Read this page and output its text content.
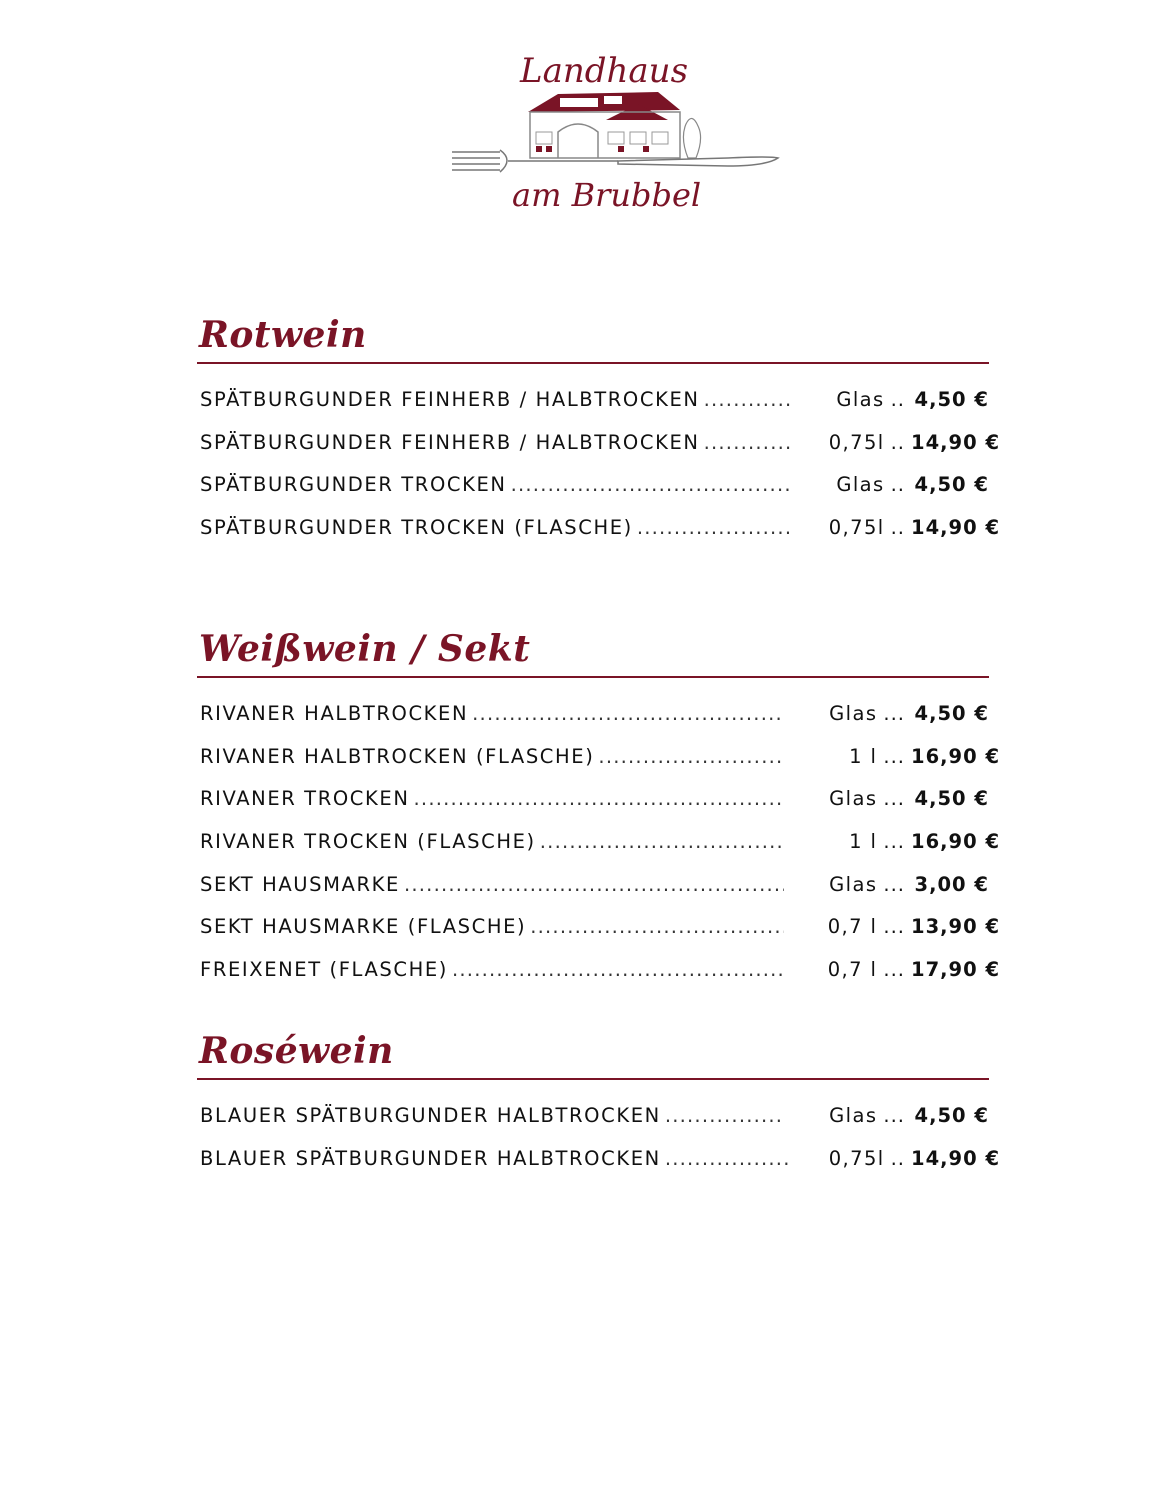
Landhaus
am Brubbel
Rotwein
SPÄTBURGUNDER FEINHERB / HALBTROCKEN .....	Glas .. 4,50 €
SPÄTBURGUNDER FEINHERB / HALBTROCKEN .....	0,75l .. 14,90 €
SPÄTBURGUNDER TROCKEN .....	Glas .. 4,50 €
SPÄTBURGUNDER TROCKEN (FLASCHE) .....	0,75l .. 14,90 €
Weißwein / Sekt
RIVANER HALBTROCKEN .....	Glas ... 4,50 €
RIVANER HALBTROCKEN (FLASCHE) .....	1 l ... 16,90 €
RIVANER TROCKEN .....	Glas ... 4,50 €
RIVANER TROCKEN (FLASCHE) .....	1 l ... 16,90 €
SEKT HAUSMARKE .....	Glas ... 3,00 €
SEKT HAUSMARKE (FLASCHE) .....	0,7 l ... 13,90 €
FREIXENET (FLASCHE) .....	0,7 l ... 17,90 €
Roséwein
BLAUER SPÄTBURGUNDER HALBTROCKEN .....	Glas ... 4,50 €
BLAUER SPÄTBURGUNDER HALBTROCKEN .....	0,75l .. 14,90 €
